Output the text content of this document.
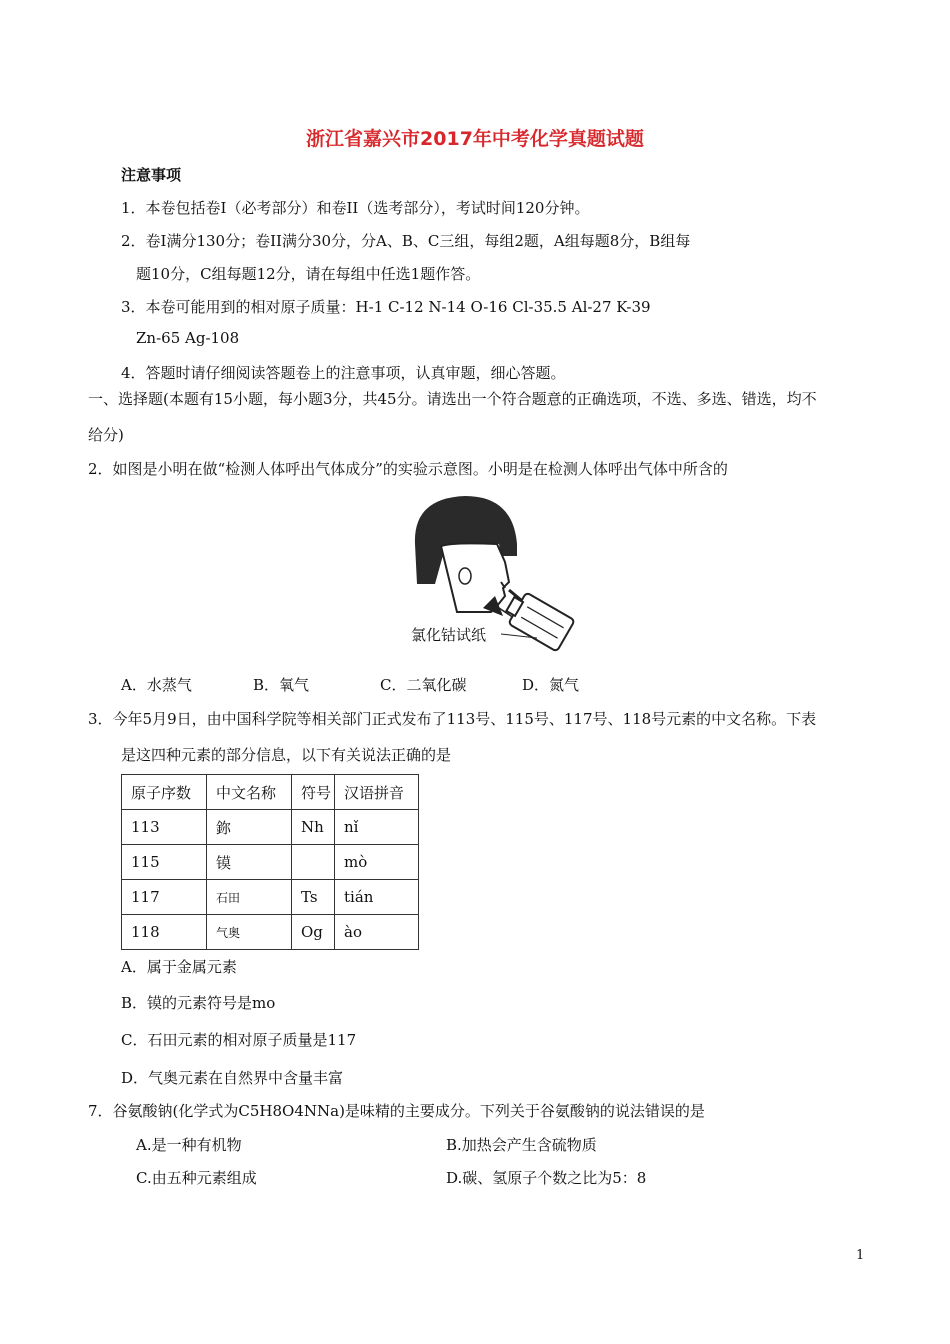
浙江省嘉兴市2017年中考化学真题试题
注意事项
1．本卷包括卷Ⅰ（必考部分）和卷II（选考部分），考试时间120分钟。
2．卷Ⅰ满分130分；卷II满分30分，分A、B、C三组，每组2题，A组每题8分，B组每
题10分，C组每题12分，请在每组中任选1题作答。
3．本卷可能用到的相对原子质量：H-1 C-12 N-14 O-16 Cl-35.5 Al-27 K-39
Zn-65 Ag-108
4．答题时请仔细阅读答题卷上的注意事项，认真审题，细心答题。
一、选择题(本题有15小题，每小题3分，共45分。请选出一个符合题意的正确选项，不选、多选、错选，均不
给分)
2．如图是小明在做“检测人体呼出气体成分”的实验示意图。小明是在检测人体呼出气体中所含的
氯化钴试纸
A．水蒸气	B．氧气	C．二氧化碳	D．氮气
3．今年5月9日，由中国科学院等相关部门正式发布了113号、115号、117号、118号元素的中文名称。下表
是这四种元素的部分信息，以下有关说法正确的是
原子序数	中文名称	符号	汉语拼音
113	鉨	Nh	nǐ
115	镆		mò
117	石田	Ts	tián
118	气奥	Og	ào
A．属于金属元素
B．镆的元素符号是mo
C．石田元素的相对原子质量是117
D．气奥元素在自然界中含量丰富
7．谷氨酸钠(化学式为C5H8O4NNa)是味精的主要成分。下列关于谷氨酸钠的说法错误的是
A.是一种有机物	B.加热会产生含硫物质
C.由五种元素组成	D.碳、氢原子个数之比为5：8
1
